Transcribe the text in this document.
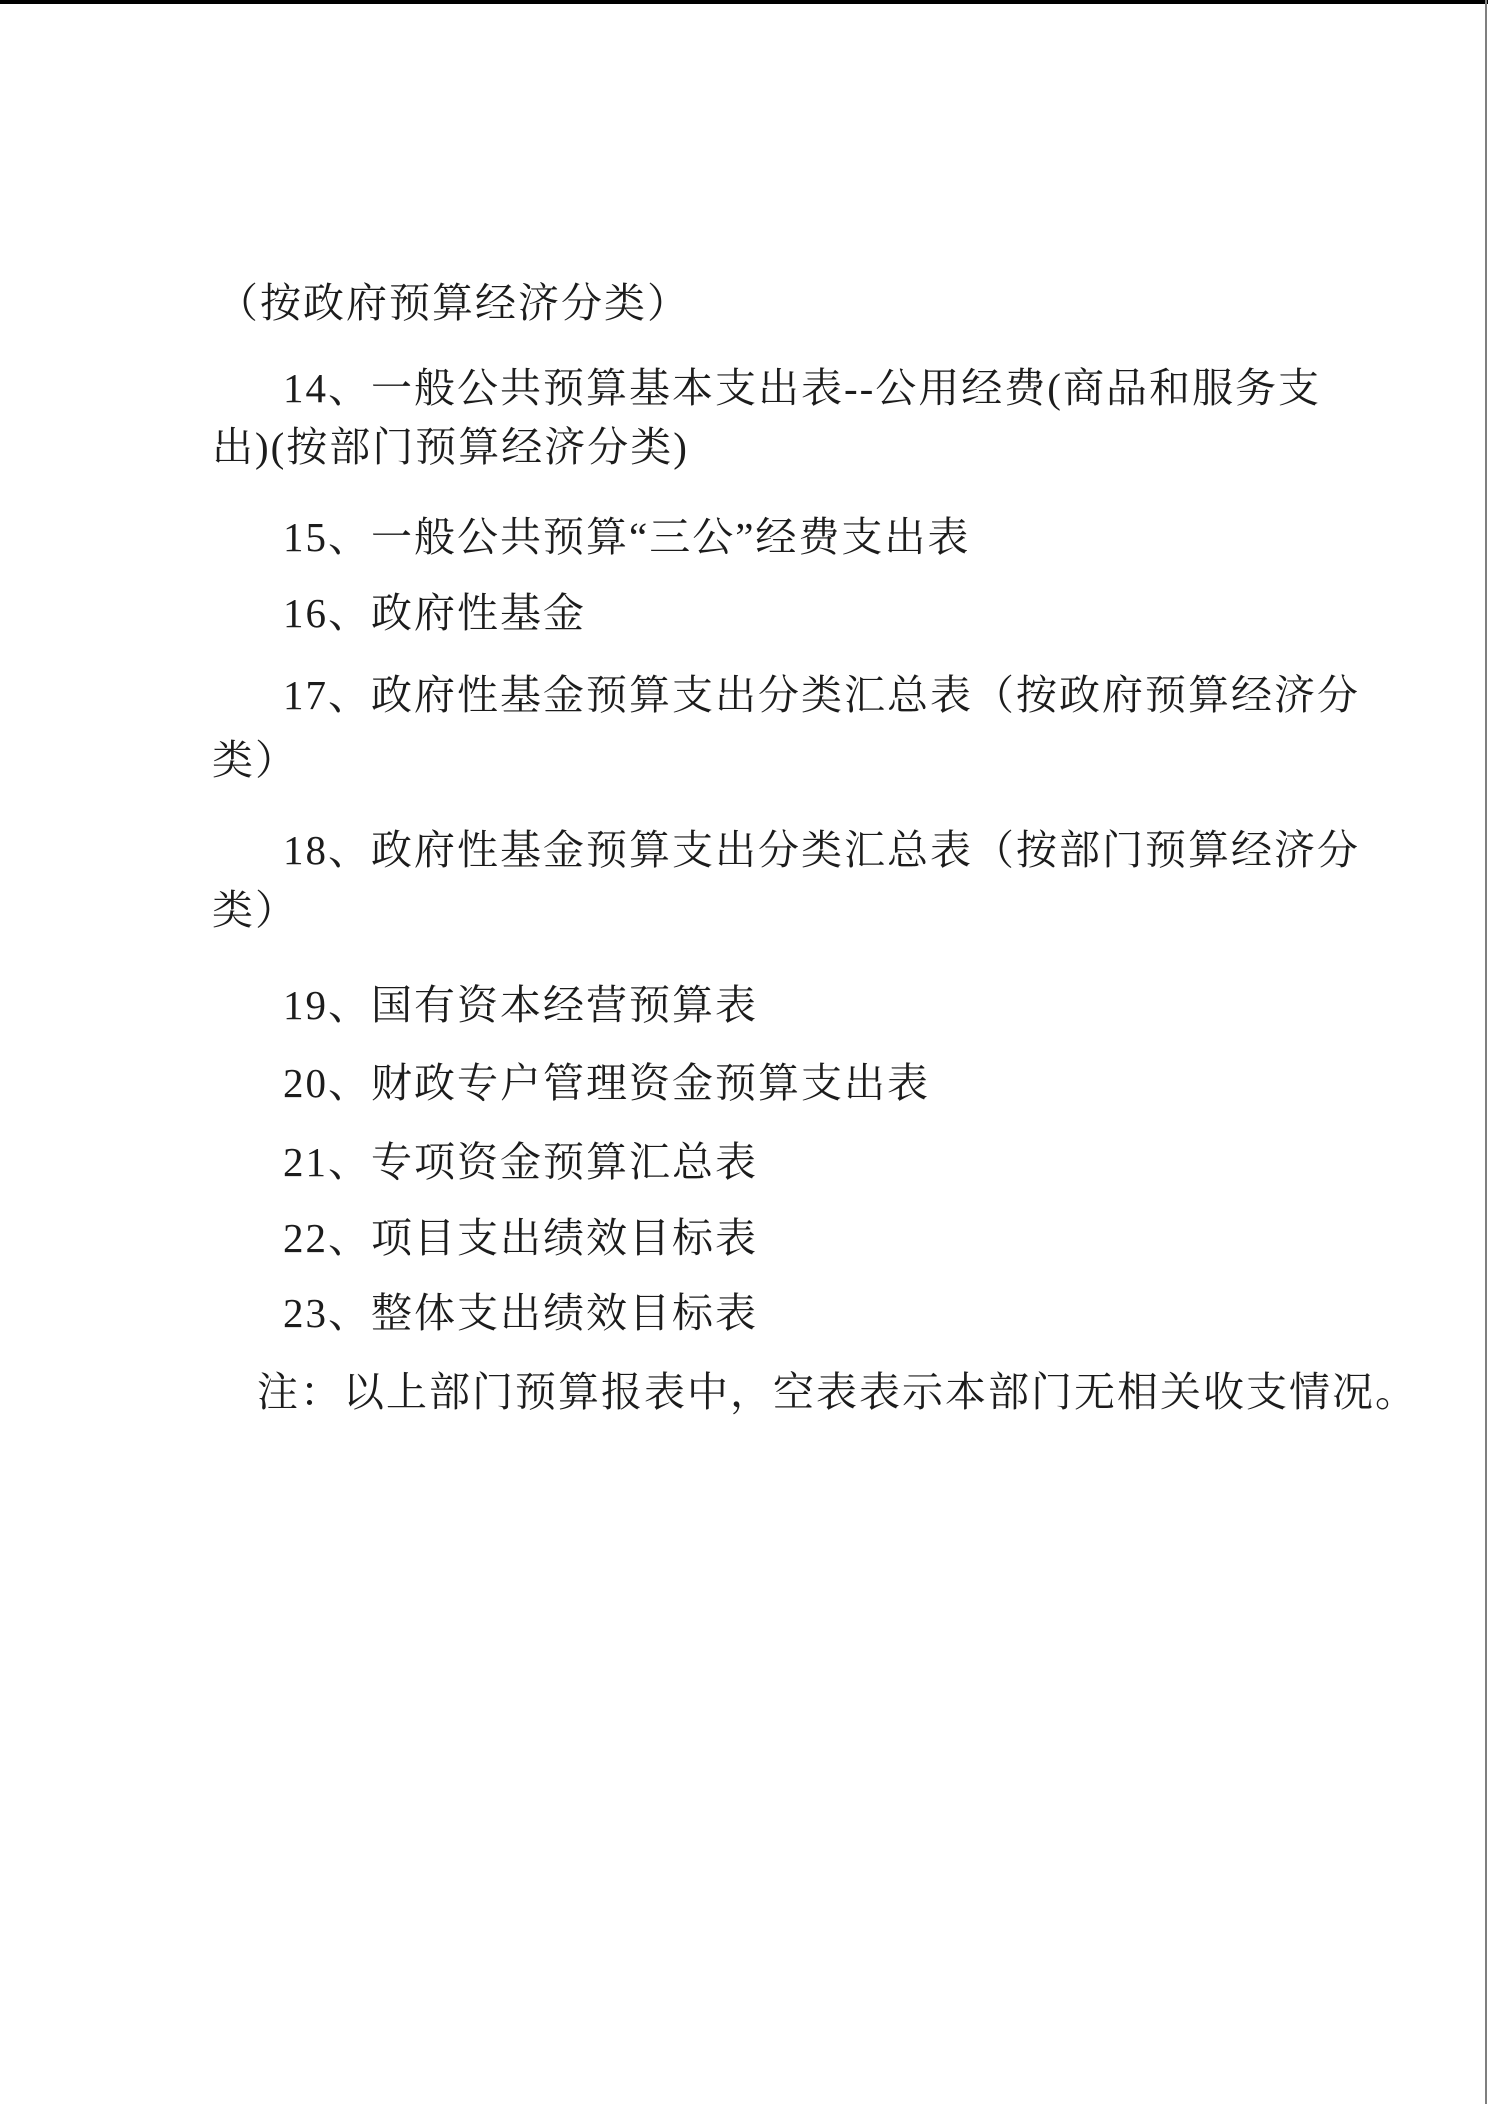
（按政府预算经济分类）
14、一般公共预算基本支出表--公用经费(商品和服务支
出)(按部门预算经济分类)
15、一般公共预算“三公”经费支出表
16、政府性基金
17、政府性基金预算支出分类汇总表（按政府预算经济分
类）
18、政府性基金预算支出分类汇总表（按部门预算经济分
类）
19、国有资本经营预算表
20、财政专户管理资金预算支出表
21、专项资金预算汇总表
22、项目支出绩效目标表
23、整体支出绩效目标表
注：以上部门预算报表中，空表表示本部门无相关收支情况。
